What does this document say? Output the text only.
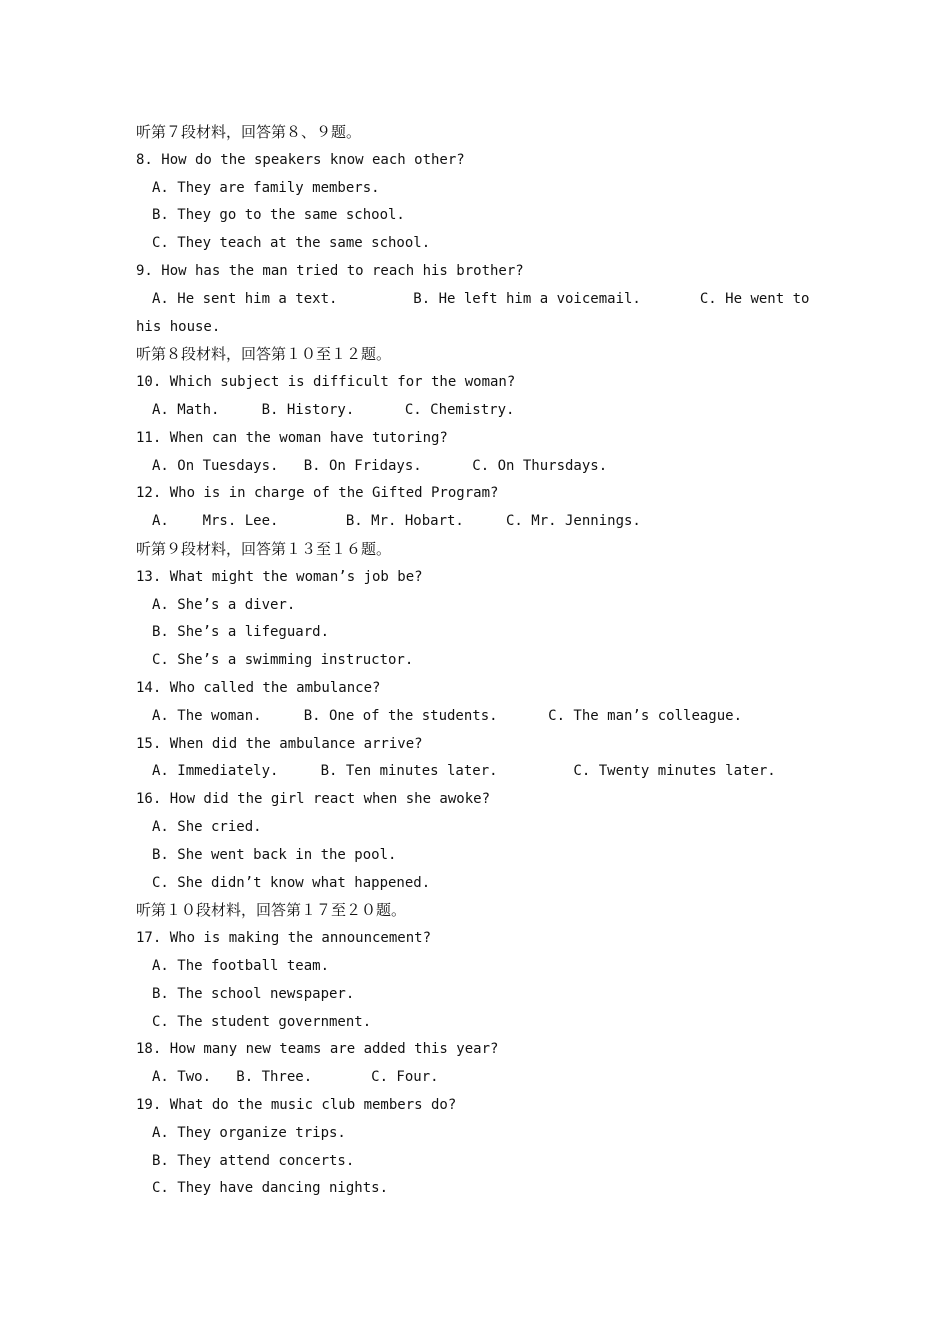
听第７段材料，回答第８、９题。
8. How do the speakers know each other?
A. They are family members.
B. They go to the same school.
C. They teach at the same school.
9. How has the man tried to reach his brother?
A. He sent him a text.         B. He left him a voicemail.       C. He went to
his house.
听第８段材料，回答第１０至１２题。
10. Which subject is difficult for the woman?
A. Math.     B. History.      C. Chemistry.
11. When can the woman have tutoring?
A. On Tuesdays.   B. On Fridays.      C. On Thursdays.
12. Who is in charge of the Gifted Program?
A.    Mrs. Lee.        B. Mr. Hobart.     C. Mr. Jennings.
听第９段材料，回答第１３至１６题。
13. What might the woman’s job be?
A. She’s a diver.
B. She’s a lifeguard.
C. She’s a swimming instructor.
14. Who called the ambulance?
A. The woman.     B. One of the students.      C. The man’s colleague.
15. When did the ambulance arrive?
A. Immediately.     B. Ten minutes later.         C. Twenty minutes later.
16. How did the girl react when she awoke?
A. She cried.
B. She went back in the pool.
C. She didn’t know what happened.
听第１０段材料，回答第１７至２０题。
17. Who is making the announcement?
A. The football team.
B. The school newspaper.
C. The student government.
18. How many new teams are added this year?
A. Two.   B. Three.       C. Four.
19. What do the music club members do?
A. They organize trips.
B. They attend concerts.
C. They have dancing nights.
